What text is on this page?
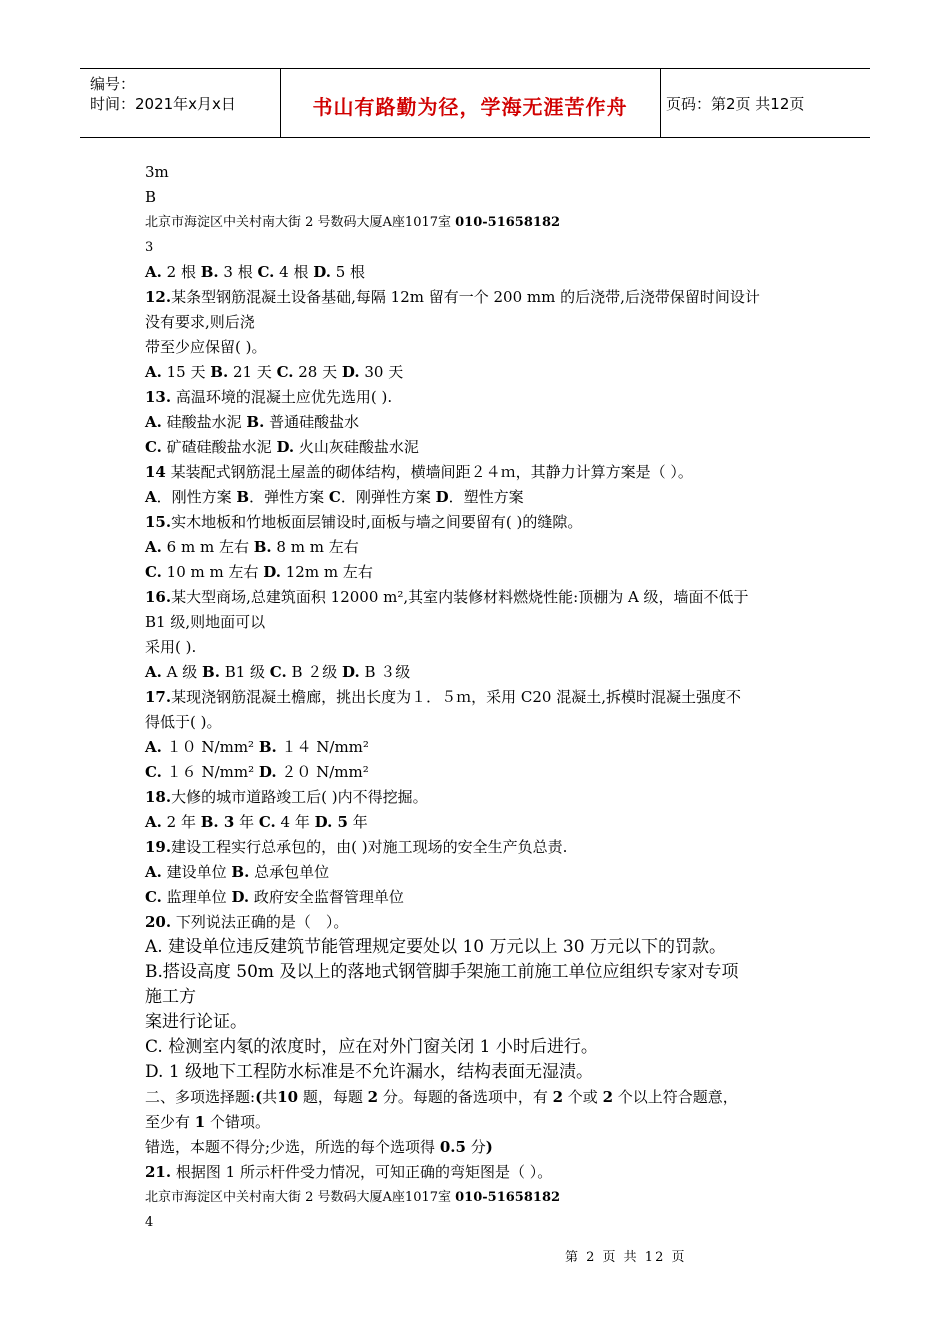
编号：
时间：2021年x月x日	书山有路勤为径，学海无涯苦作舟	页码：第2页 共12页
3m
B
北京市海淀区中关村南大街 2 号数码大厦A座1017室 010-51658182
3
A. 2 根 B. 3 根 C. 4 根 D. 5 根
12.某条型钢筋混凝土设备基础,每隔 12m 留有一个 200 mm 的后浇带,后浇带保留时间设计
没有要求,则后浇
带至少应保留( )。
A. 15 天 B. 21 天 C. 28 天 D. 30 天
13. 高温环境的混凝土应优先选用( ).
A. 硅酸盐水泥 B. 普通硅酸盐水
C. 矿碴硅酸盐水泥 D. 火山灰硅酸盐水泥
14 某装配式钢筋混土屋盖的砌体结构，横墙间距２４ｍ，其静力计算方案是（ ）。
A．刚性方案 B．弹性方案 C．刚弹性方案 D．塑性方案
15.实木地板和竹地板面层铺设时,面板与墙之间要留有( )的缝隙。
A. 6 m m 左右 B. 8 m m 左右
C. 10 m m 左右 D. 12m m 左右
16.某大型商场,总建筑面积 12000 m²,其室内装修材料燃烧性能:顶棚为 A 级，墙面不低于
B1 级,则地面可以
采用( ).
A. A 级 B. B1 级 C. B ２级 D. B ３级
17.某现浇钢筋混凝土檐廊，挑出长度为１．５ｍ，采用 C20 混凝土,拆模时混凝土强度不
得低于( )。
A. １０ N/mm² B. １４ N/mm²
C. １６ N/mm² D. ２０ N/mm²
18.大修的城市道路竣工后( )内不得挖掘。
A. 2 年 B. 3 年 C. 4 年 D. 5 年
19.建设工程实行总承包的，由( )对施工现场的安全生产负总责.
A. 建设单位 B. 总承包单位
C. 监理单位 D. 政府安全监督管理单位
20. 下列说法正确的是（　）。
A. 建设单位违反建筑节能管理规定要处以 10 万元以上 30 万元以下的罚款。
B.搭设高度 50m 及以上的落地式钢管脚手架施工前施工单位应组织专家对专项
施工方
案进行论证。
C. 检测室内氡的浓度时，应在对外门窗关闭 1 小时后进行。
D. 1 级地下工程防水标准是不允许漏水，结构表面无湿渍。
二、多项选择题:(共10 题，每题 2 分。每题的备选项中，有 2 个或 2 个以上符合题意，
至少有 1 个错项。
错选，本题不得分;少选，所选的每个选项得 0.5 分)
21. 根据图 1 所示杆件受力情况，可知正确的弯矩图是（ ）。
北京市海淀区中关村南大街 2 号数码大厦A座1017室 010-51658182
4
第 2 页 共 12 页
